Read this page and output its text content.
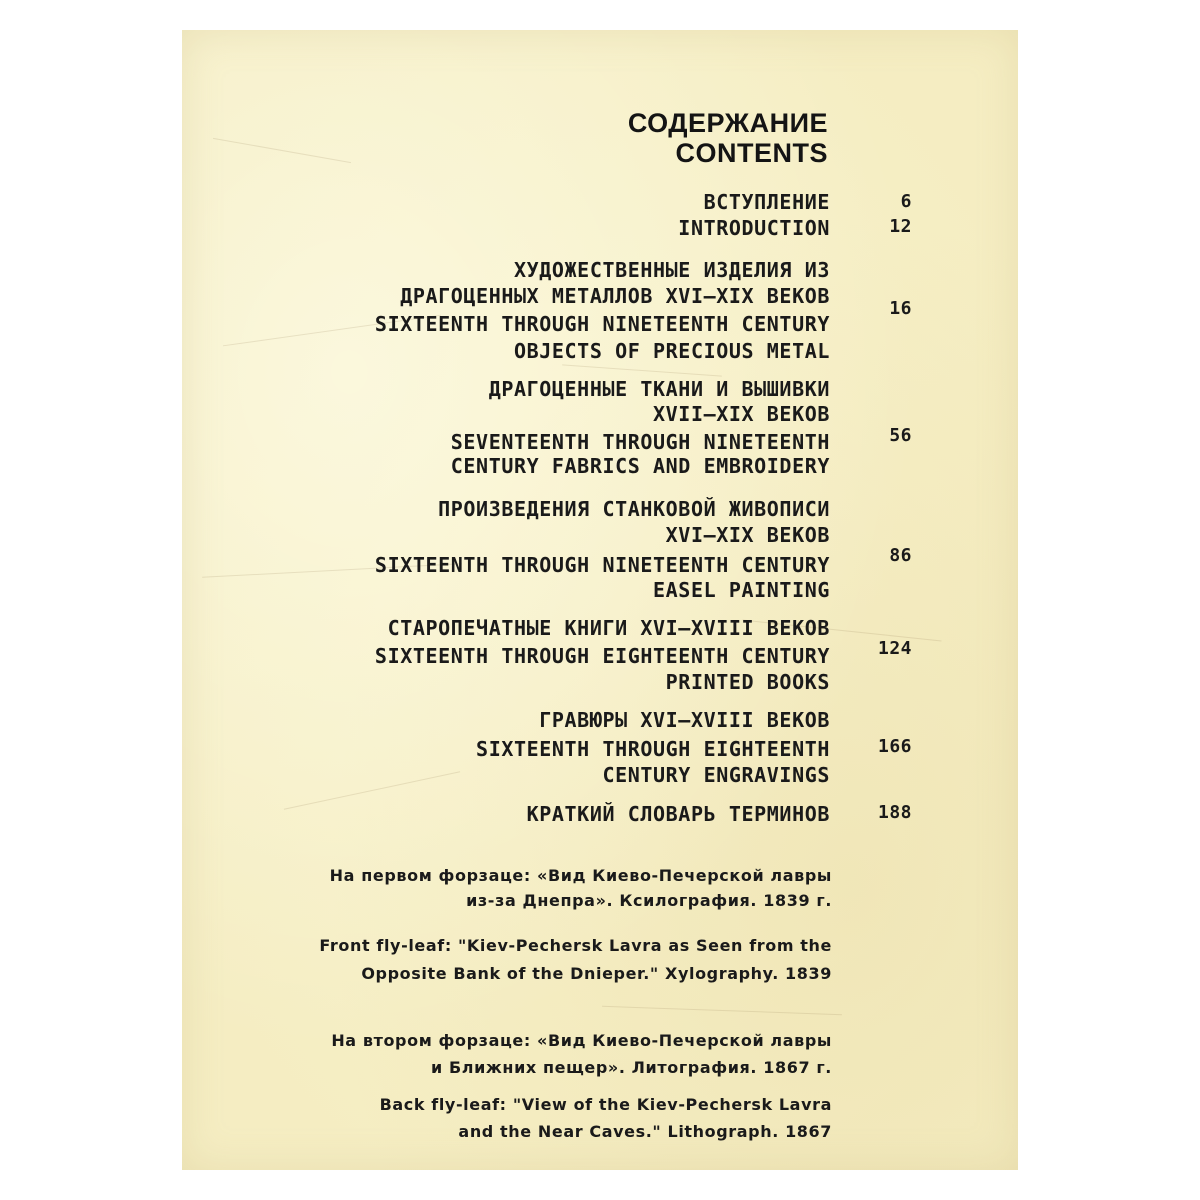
СОДЕРЖАНИЕ
CONTENTS
ВСТУПЛЕНИЕ	6
INTRODUCTION	12
ХУДОЖЕСТВЕННЫЕ ИЗДЕЛИЯ ИЗ
ДРАГОЦЕННЫХ МЕТАЛЛОВ XVI—XIX ВЕКОВ
SIXTEENTH THROUGH NINETEENTH CENTURY
OBJECTS OF PRECIOUS METAL
16
ДРАГОЦЕННЫЕ ТКАНИ И ВЫШИВКИ
XVII—XIX ВЕКОВ
SEVENTEENTH THROUGH NINETEENTH
CENTURY FABRICS AND EMBROIDERY
56
ПРОИЗВЕДЕНИЯ СТАНКОВОЙ ЖИВОПИСИ
XVI—XIX ВЕКОВ
SIXTEENTH THROUGH NINETEENTH CENTURY
EASEL PAINTING
86
СТАРОПЕЧАТНЫЕ КНИГИ XVI—XVIII ВЕКОВ
SIXTEENTH THROUGH EIGHTEENTH CENTURY
PRINTED BOOKS
124
ГРАВЮРЫ XVI—XVIII ВЕКОВ
SIXTEENTH THROUGH EIGHTEENTH
CENTURY ENGRAVINGS
166
КРАТКИЙ СЛОВАРЬ ТЕРМИНОВ	188
На первом форзаце: «Вид Киево-Печерской лавры
из-за Днепра». Ксилография. 1839 г.
Front fly-leaf: "Kiev-Pechersk Lavra as Seen from the
Opposite Bank of the Dnieper." Xylography. 1839
На втором форзаце: «Вид Киево-Печерской лавры
и Ближних пещер». Литография. 1867 г.
Back fly-leaf: "View of the Kiev-Pechersk Lavra
and the Near Caves." Lithograph. 1867
